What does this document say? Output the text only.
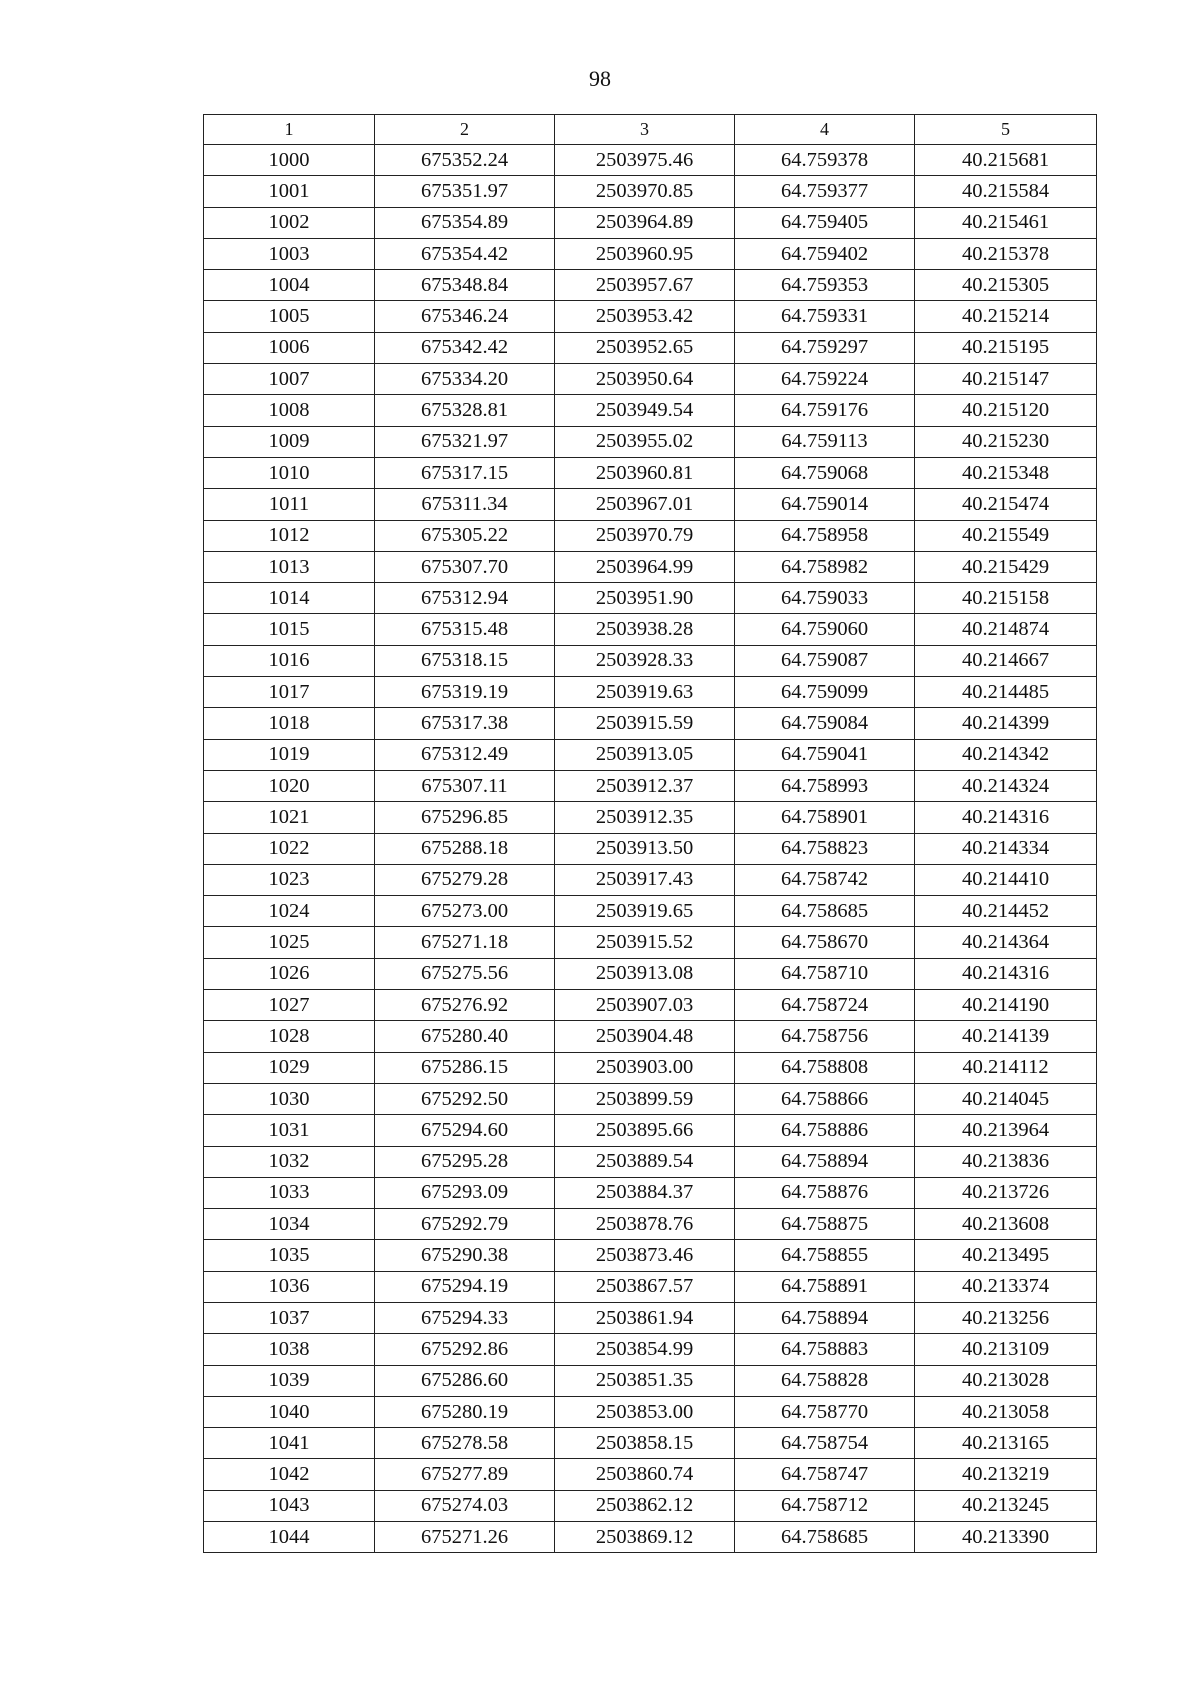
98
1	2	3	4	5
1000	675352.24	2503975.46	64.759378	40.215681
1001	675351.97	2503970.85	64.759377	40.215584
1002	675354.89	2503964.89	64.759405	40.215461
1003	675354.42	2503960.95	64.759402	40.215378
1004	675348.84	2503957.67	64.759353	40.215305
1005	675346.24	2503953.42	64.759331	40.215214
1006	675342.42	2503952.65	64.759297	40.215195
1007	675334.20	2503950.64	64.759224	40.215147
1008	675328.81	2503949.54	64.759176	40.215120
1009	675321.97	2503955.02	64.759113	40.215230
1010	675317.15	2503960.81	64.759068	40.215348
1011	675311.34	2503967.01	64.759014	40.215474
1012	675305.22	2503970.79	64.758958	40.215549
1013	675307.70	2503964.99	64.758982	40.215429
1014	675312.94	2503951.90	64.759033	40.215158
1015	675315.48	2503938.28	64.759060	40.214874
1016	675318.15	2503928.33	64.759087	40.214667
1017	675319.19	2503919.63	64.759099	40.214485
1018	675317.38	2503915.59	64.759084	40.214399
1019	675312.49	2503913.05	64.759041	40.214342
1020	675307.11	2503912.37	64.758993	40.214324
1021	675296.85	2503912.35	64.758901	40.214316
1022	675288.18	2503913.50	64.758823	40.214334
1023	675279.28	2503917.43	64.758742	40.214410
1024	675273.00	2503919.65	64.758685	40.214452
1025	675271.18	2503915.52	64.758670	40.214364
1026	675275.56	2503913.08	64.758710	40.214316
1027	675276.92	2503907.03	64.758724	40.214190
1028	675280.40	2503904.48	64.758756	40.214139
1029	675286.15	2503903.00	64.758808	40.214112
1030	675292.50	2503899.59	64.758866	40.214045
1031	675294.60	2503895.66	64.758886	40.213964
1032	675295.28	2503889.54	64.758894	40.213836
1033	675293.09	2503884.37	64.758876	40.213726
1034	675292.79	2503878.76	64.758875	40.213608
1035	675290.38	2503873.46	64.758855	40.213495
1036	675294.19	2503867.57	64.758891	40.213374
1037	675294.33	2503861.94	64.758894	40.213256
1038	675292.86	2503854.99	64.758883	40.213109
1039	675286.60	2503851.35	64.758828	40.213028
1040	675280.19	2503853.00	64.758770	40.213058
1041	675278.58	2503858.15	64.758754	40.213165
1042	675277.89	2503860.74	64.758747	40.213219
1043	675274.03	2503862.12	64.758712	40.213245
1044	675271.26	2503869.12	64.758685	40.213390
